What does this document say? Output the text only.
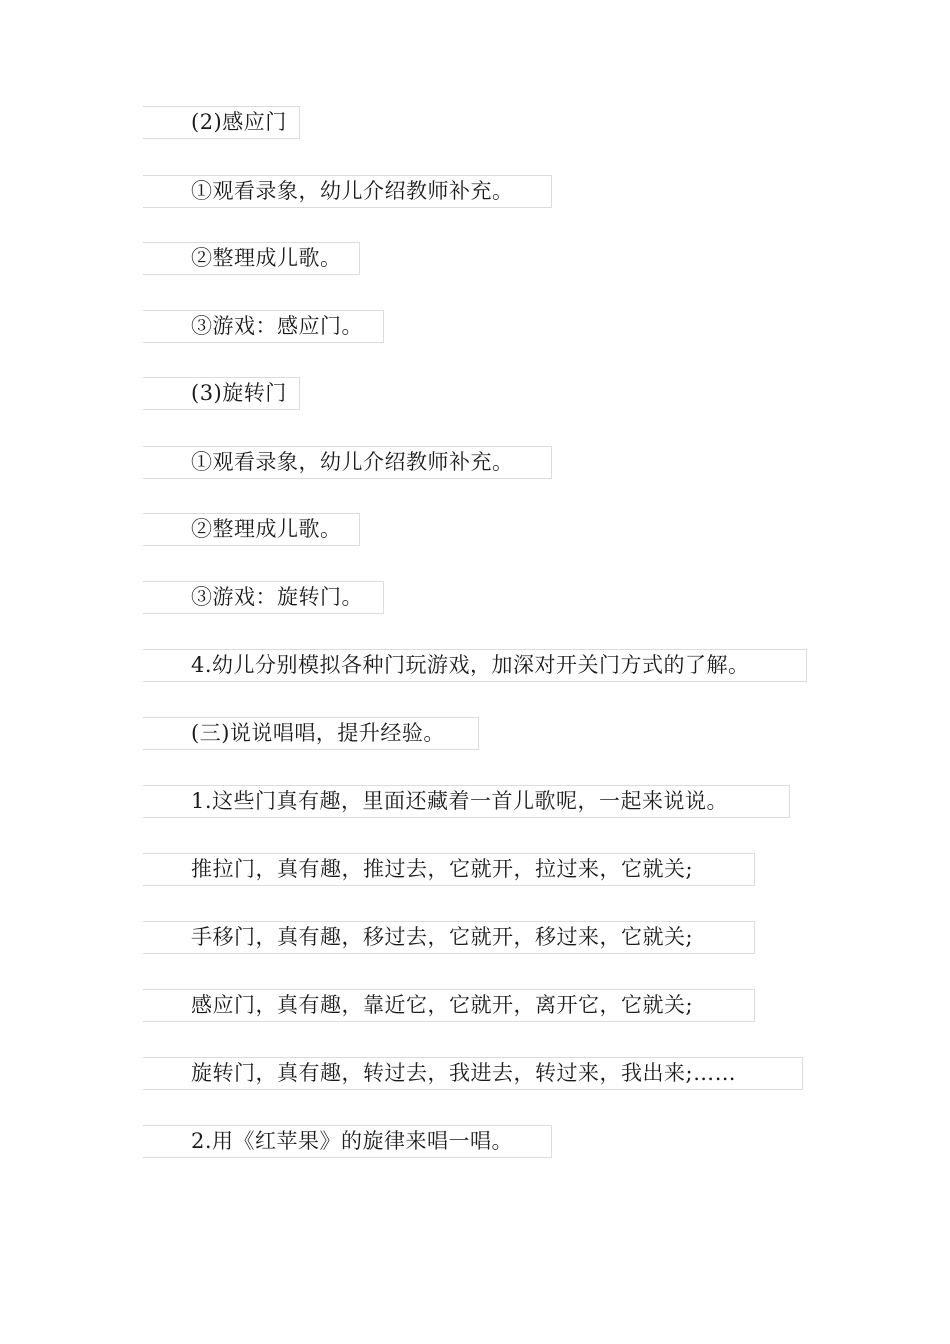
(2)感应门
①观看录象，幼儿介绍教师补充。
②整理成儿歌。
③游戏：感应门。
(3)旋转门
①观看录象，幼儿介绍教师补充。
②整理成儿歌。
③游戏：旋转门。
4.幼儿分别模拟各种门玩游戏，加深对开关门方式的了解。
(三)说说唱唱，提升经验。
1.这些门真有趣，里面还藏着一首儿歌呢，一起来说说。
推拉门，真有趣，推过去，它就开，拉过来，它就关;
手移门，真有趣，移过去，它就开，移过来，它就关;
感应门，真有趣，靠近它，它就开，离开它，它就关;
旋转门，真有趣，转过去，我进去，转过来，我出来;……
2.用《红苹果》的旋律来唱一唱。
